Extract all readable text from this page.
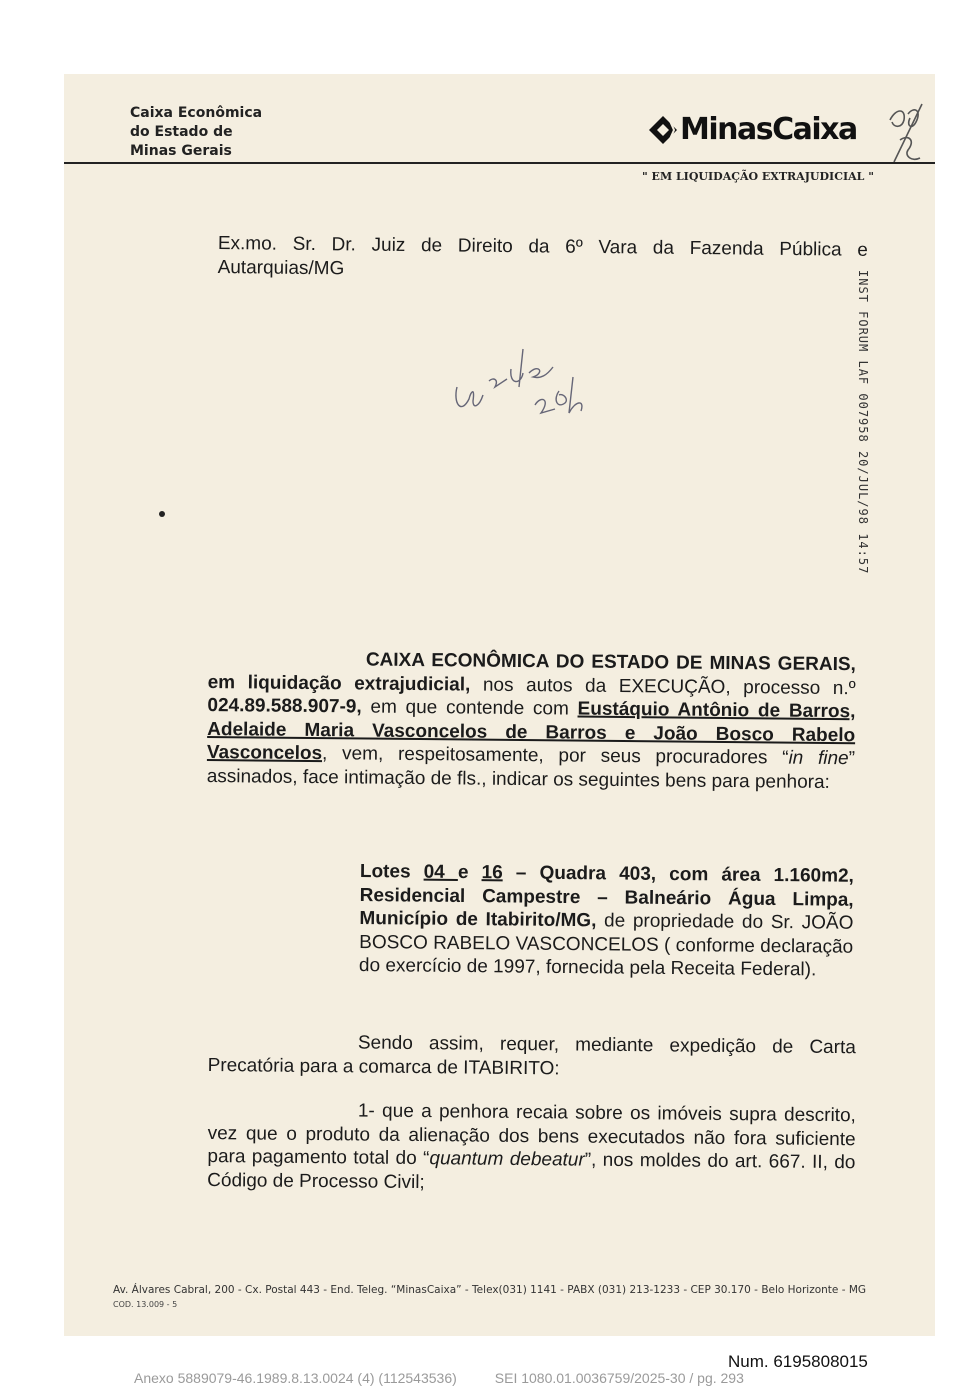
Caixa Econômica
do Estado de
Minas Gerais
MinasCaixa
" EM LIQUIDAÇÃO EXTRAJUDICIAL "
Ex.mo. Sr. Dr. Juiz de Direito da 6º Vara da Fazenda Pública e Autarquias/MG
INST FORUM LAF 007958 20/JUL/98 14:57
CAIXA ECONÔMICA DO ESTADO DE MINAS GERAIS, em liquidação extrajudicial, nos autos da EXECUÇÃO, processo n.º 024.89.588.907-9, em que contende com Eustáquio Antônio de Barros, Adelaide Maria Vasconcelos de Barros e João Bosco Rabelo Vasconcelos, vem, respeitosamente, por seus procuradores “in fine” assinados, face intimação de fls., indicar os seguintes bens para penhora:
Lotes 04 e 16 – Quadra 403, com área 1.160m2, Residencial Campestre – Balneário Água Limpa, Município de Itabirito/MG, de propriedade do Sr. JOÃO BOSCO RABELO VASCONCELOS ( conforme declaração do exercício de 1997, fornecida pela Receita Federal).
Sendo assim, requer, mediante expedição de Carta Precatória para a comarca de ITABIRITO:
1- que a penhora recaia sobre os imóveis supra descrito, vez que o produto da alienação dos bens executados não fora suficiente para pagamento total do “quantum debeatur”, nos moldes do art. 667. II, do Código de Processo Civil;
Av. Álvares Cabral, 200 - Cx. Postal 443 - End. Teleg. “MinasCaixa” - Telex(031) 1141 - PABX (031) 213-1233 - CEP 30.170 - Belo Horizonte - MG
COD. 13.009 - 5
Num. 6195808015
Anexo 5889079-46.1989.8.13.0024 (4) (112543536)	SEI 1080.01.0036759/2025-30 / pg. 293
